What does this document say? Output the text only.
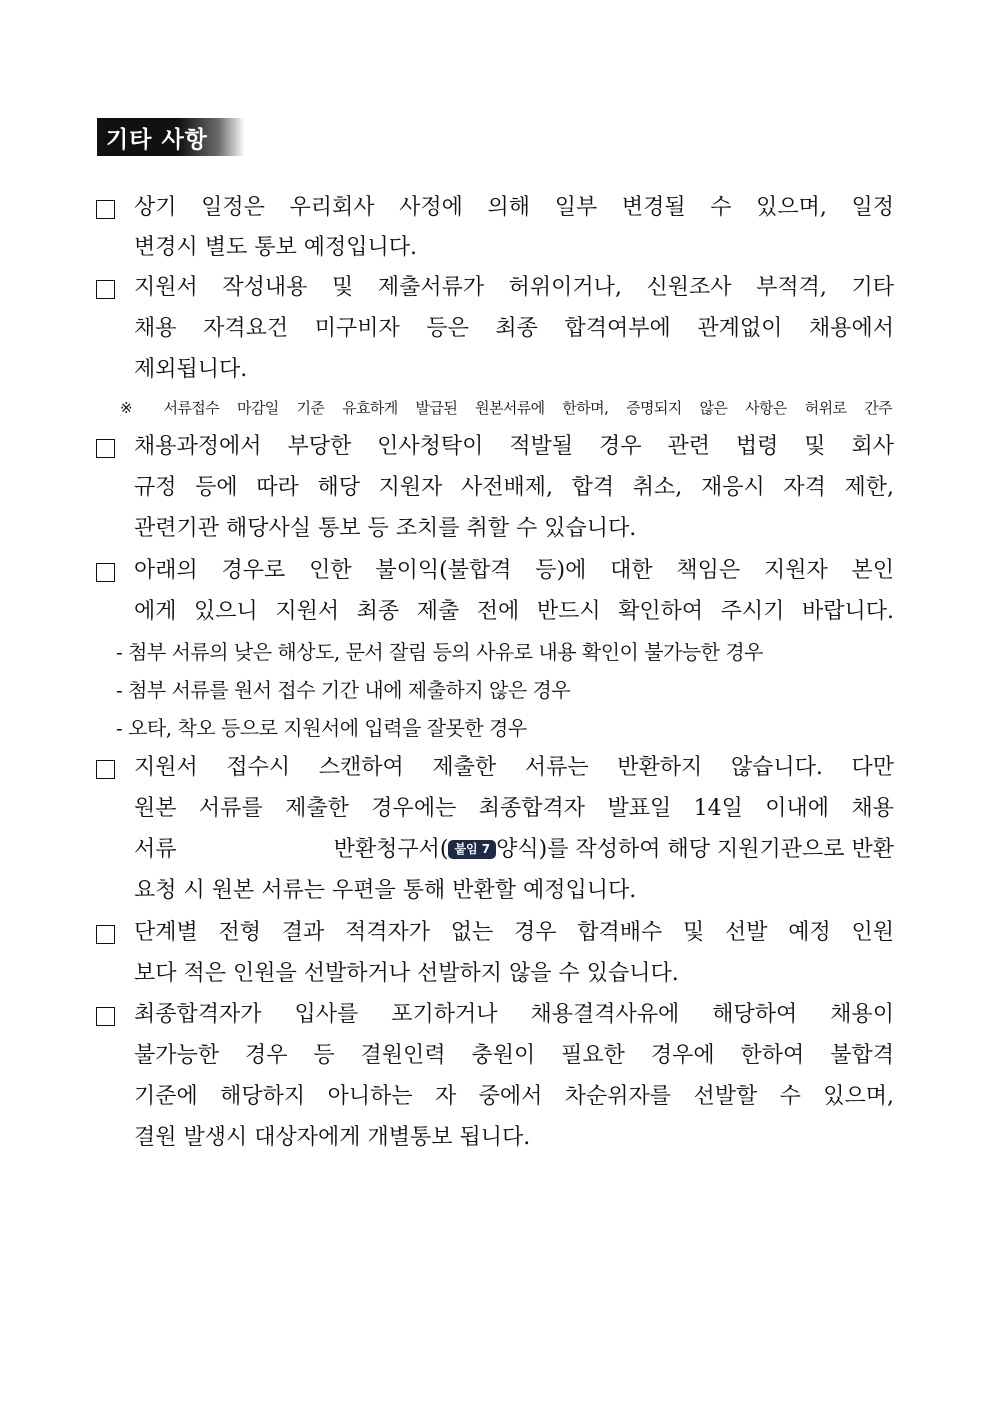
기타 사항
상기 일정은 우리회사 사정에 의해 일부 변경될 수 있으며, 일정
변경시 별도 통보 예정입니다.
지원서 작성내용 및 제출서류가 허위이거나, 신원조사 부적격, 기타
채용 자격요건 미구비자 등은 최종 합격여부에 관계없이 채용에서
제외됩니다.
※ 서류접수 마감일 기준 유효하게 발급된 원본서류에 한하며, 증명되지 않은 사항은 허위로 간주
채용과정에서 부당한 인사청탁이 적발될 경우 관련 법령 및 회사
규정 등에 따라 해당 지원자 사전배제, 합격 취소, 재응시 자격 제한,
관련기관 해당사실 통보 등 조치를 취할 수 있습니다.
아래의 경우로 인한 불이익(불합격 등)에 대한 책임은 지원자 본인
에게 있으니 지원서 최종 제출 전에 반드시 확인하여 주시기 바랍니다.
- 첨부 서류의 낮은 해상도, 문서 잘림 등의 사유로 내용 확인이 불가능한 경우
- 첨부 서류를 원서 접수 기간 내에 제출하지 않은 경우
- 오타, 착오 등으로 지원서에 입력을 잘못한 경우
지원서 접수시 스캔하여 제출한 서류는 반환하지 않습니다. 다만
원본 서류를 제출한 경우에는 최종합격자 발표일 14일 이내에 채용
서류	반환청구서( 붙임 7 양식)를 작성하여 해당 지원기관으로 반환
요청 시 원본 서류는 우편을 통해 반환할 예정입니다.
단계별 전형 결과 적격자가 없는 경우 합격배수 및 선발 예정 인원
보다 적은 인원을 선발하거나 선발하지 않을 수 있습니다.
최종합격자가 입사를 포기하거나 채용결격사유에 해당하여 채용이
불가능한 경우 등 결원인력 충원이 필요한 경우에 한하여 불합격
기준에 해당하지 아니하는 자 중에서 차순위자를 선발할 수 있으며,
결원 발생시 대상자에게 개별통보 됩니다.
